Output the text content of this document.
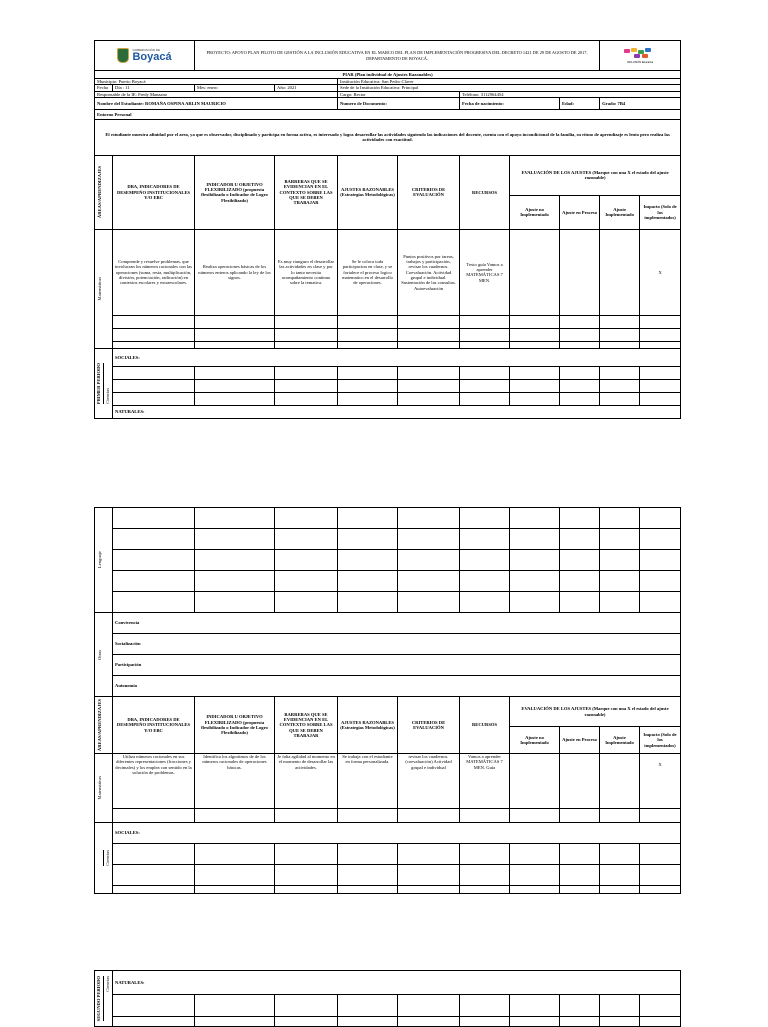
GOBERNACIÓN DE
Boyacá		PROYECTO: APOYO PLAN PILOTO DE GESTIÓN A LA INCLUSIÓN EDUCATIVA EN EL MARCO DEL PLAN DE IMPLEMENTACIÓN PROGRESIVA DEL DECRETO 1421 DE 29 DE AGOSTO DE 2017, DEPARTAMENTO DE BOYACÁ.							INCLUSIÓN Educativa	

PIAR (Plan individual de Ajustes Razonables)										
Municipio: Puerto Boyacá				Institución Educativa: San Pedro Claver						
Fecha	Día : 11	Mes: enero	Año: 2021	Sede de la Institución Educativa: Principal						
Responsable de la IE: Fredy Manzano				Cargo: Rector		Teléfono: 3112964454				
Nombre del Estudiante: ROMAÑA OSPINA ARLIN MAURICIO				Numero de Documento:		Fecha de nacimiento:		Edad:	Grado: 7B4	
Entorno Personal										
El estudiante muestra afinidad por el area, ya que es observador, disciplinado y participa en forma activa, es interesado y logra desarrollar las actividades siguiendo las indicaciones del docente, cuenta con el apoyo incondicional de la familia, su ritmo de aprendizaje es lento pero realiza las actividades con exactitud.										

ÁREAS/APRENDIZAJES	DBA, INDICADORES DE DESEMPEÑO INSTITUCIONALES Y/O EBC	INDICADOR U OBJETIVO FLEXIBILIZADO (propuesta flexibilizado o Indicador de Logro Flexibilizado)	BARRERAS QUE SE EVIDENCIAN EN EL CONTEXTO SOBRE LAS QUE SE DEBEN TRABAJAR	AJUSTES RAZONABLES (Estrategias Metodológicas)	CRITERIOS DE EVALUACIÓN	RECURSOS	EVALUACIÓN DE LOS AJUSTES (Marque con una X el estado del ajuste razonable)			
							Ajuste no Implementado	Ajuste en Proceso	Ajuste Implementado	Impacto (Solo de los implementados)

Matemáticas	Comprende y resuelve problemas, que involucran los números racionales con las operaciones (suma, resta, multiplicación, división, potenciación, radicación) en contextos escolares y extraescolares.	Realiza operaciones básicas de los números enteros aplicando la ley de los signos.	Es muy riunguro el desarrollar las actividades en clase y por lo tanto necesita acompañamiento continuo sobre la tematica.	Se le coloca toda participacion en clase, y se fortalece el proceso logico matematico en el desarrollo de operaciones.	Puntos positivos por tareas, trabajos y participación, revisar los cuadernos. Coevaluación. Actividad grupal e individual. Sustentación de las consultas. Autoevaluación	Texto guía Vamos a aprender MATEMÁTICAS 7 MEN.				X

PRIMER PERIODO Ciencias	SOCIALES:									

	NATURALES:									
Lenguaje										

Otras	Convivencia									
	Socialización									
	Participación									
	Autonomía									

ÁREAS/APRENDIZAJES	DBA, INDICADORES DE DESEMPEÑO INSTITUCIONALES Y/O EBC	INDICADOR U OBJETIVO FLEXIBILIZADO (propuesta flexibilizado o Indicador de Logro Flexibilizado)	BARRERAS QUE SE EVIDENCIAN EN EL CONTEXTO SOBRE LAS QUE SE DEBEN TRABAJAR	AJUSTES RAZONABLES (Estrategias Metodológicas)	CRITERIOS DE EVALUACIÓN	RECURSOS	EVALUACIÓN DE LOS AJUSTES (Marque con una X el estado del ajuste razonable)			
							Ajuste no Implementado	Ajuste en Proceso	Ajuste Implementado	Impacto (Solo de los implementados)

Matemáticas	Utiliza números racionales en sus diferentes representaciones (fracciones y decimales) y los emplea con sentido en la solución de problemas.	Identifica los algoritmos de de los números racionales de operaciones básicas.	Je falta agilidad al momento en el momento de desarrollar las actividades.	Se trabaja con el estudiante en forma personalizada.	revisar los cuadernos. (coevaluación) Actividad grupal e individual	Vamos a aprender MATEMÁTICAS 7 MEN. Guía				X

Ciencias	SOCIALES:									

SEGUNDO PERIODO Ciencias	NATURALES:									
